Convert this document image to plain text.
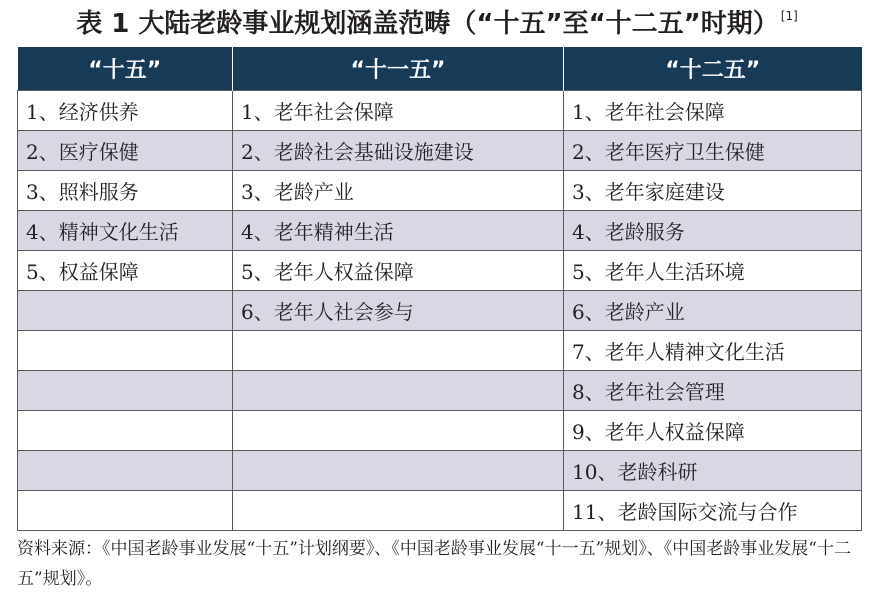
表 1 大陆老龄事业规划涵盖范畴（“十五”至“十二五”时期） [1]
“十五”	“十一五”	“十二五”
1、经济供养	1、老年社会保障	1、老年社会保障
2、医疗保健	2、老龄社会基础设施建设	2、老年医疗卫生保健
3、照料服务	3、老龄产业	3、老年家庭建设
4、精神文化生活	4、老年精神生活	4、老龄服务
5、权益保障	5、老年人权益保障	5、老年人生活环境
	6、老年人社会参与	6、老龄产业
		7、老年人精神文化生活
		8、老年社会管理
		9、老年人权益保障
		10、老龄科研
		11、老龄国际交流与合作
资料来源：《中国老龄事业发展“十五”计划纲要》、《中国老龄事业发展“十一五”规划》、《中国老龄事业发展“十二五”规划》。
